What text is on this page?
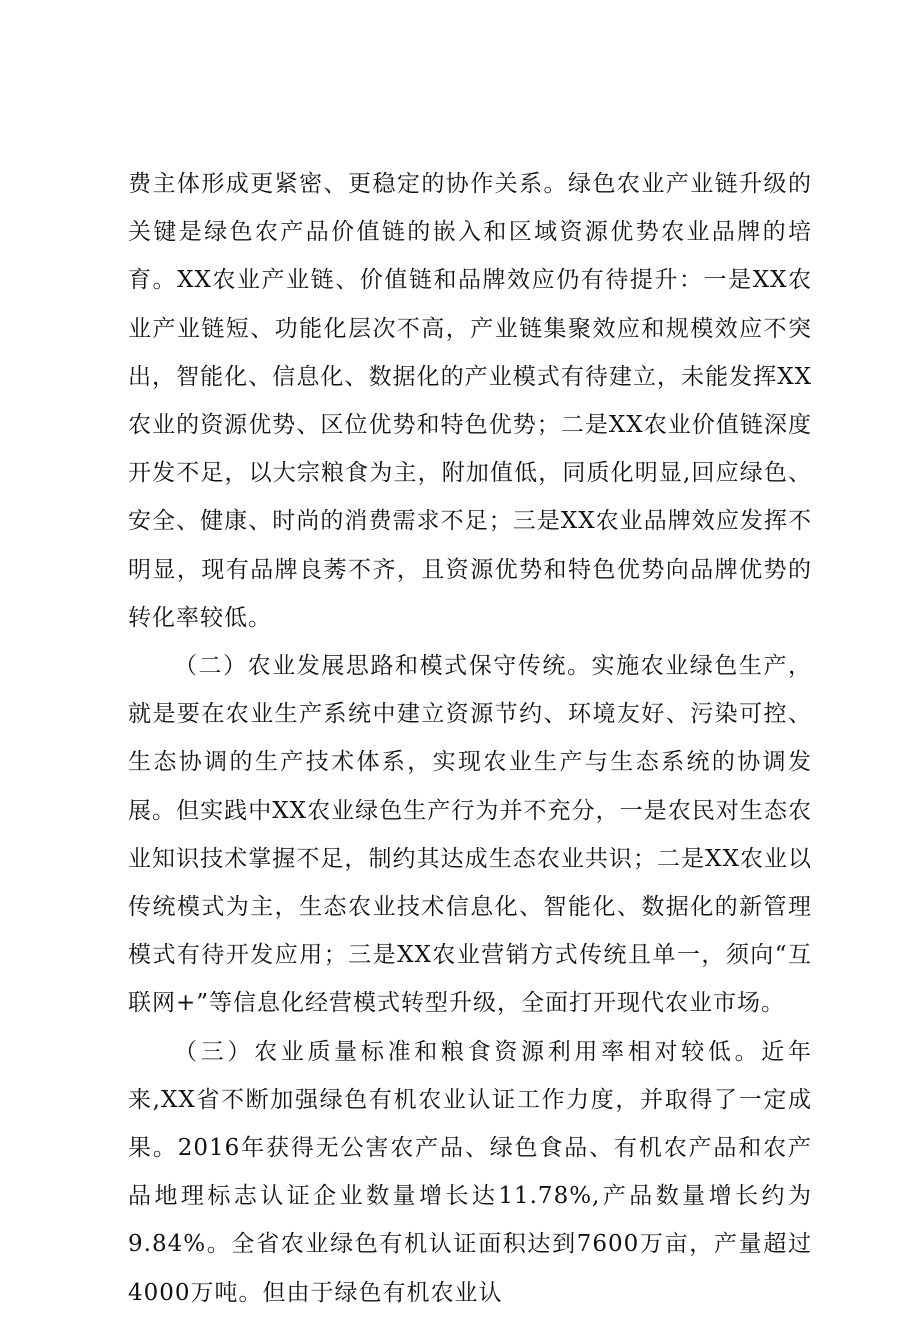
费主体形成更紧密、更稳定的协作关系。绿色农业产业链升级的关键是绿色农产品价值链的嵌入和区域资源优势农业品牌的培育。XX农业产业链、价值链和品牌效应仍有待提升：一是XX农业产业链短、功能化层次不高，产业链集聚效应和规模效应不突出，智能化、信息化、数据化的产业模式有待建立，未能发挥XX农业的资源优势、区位优势和特色优势；二是XX农业价值链深度开发不足，以大宗粮食为主，附加值低，同质化明显,回应绿色、安全、健康、时尚的消费需求不足；三是XX农业品牌效应发挥不明显，现有品牌良莠不齐，且资源优势和特色优势向品牌优势的转化率较低。

（二）农业发展思路和模式保守传统。实施农业绿色生产，就是要在农业生产系统中建立资源节约、环境友好、污染可控、生态协调的生产技术体系，实现农业生产与生态系统的协调发展。但实践中XX农业绿色生产行为并不充分，一是农民对生态农业知识技术掌握不足，制约其达成生态农业共识；二是XX农业以传统模式为主，生态农业技术信息化、智能化、数据化的新管理模式有待开发应用；三是XX农业营销方式传统且单一，须向“互联网+”等信息化经营模式转型升级，全面打开现代农业市场。

（三）农业质量标准和粮食资源利用率相对较低。近年来,XX省不断加强绿色有机农业认证工作力度，并取得了一定成果。2016年获得无公害农产品、绿色食品、有机农产品和农产品地理标志认证企业数量增长达11.78%,产品数量增长约为9.84%。全省农业绿色有机认证面积达到7600万亩，产量超过4000万吨。但由于绿色有机农业认
